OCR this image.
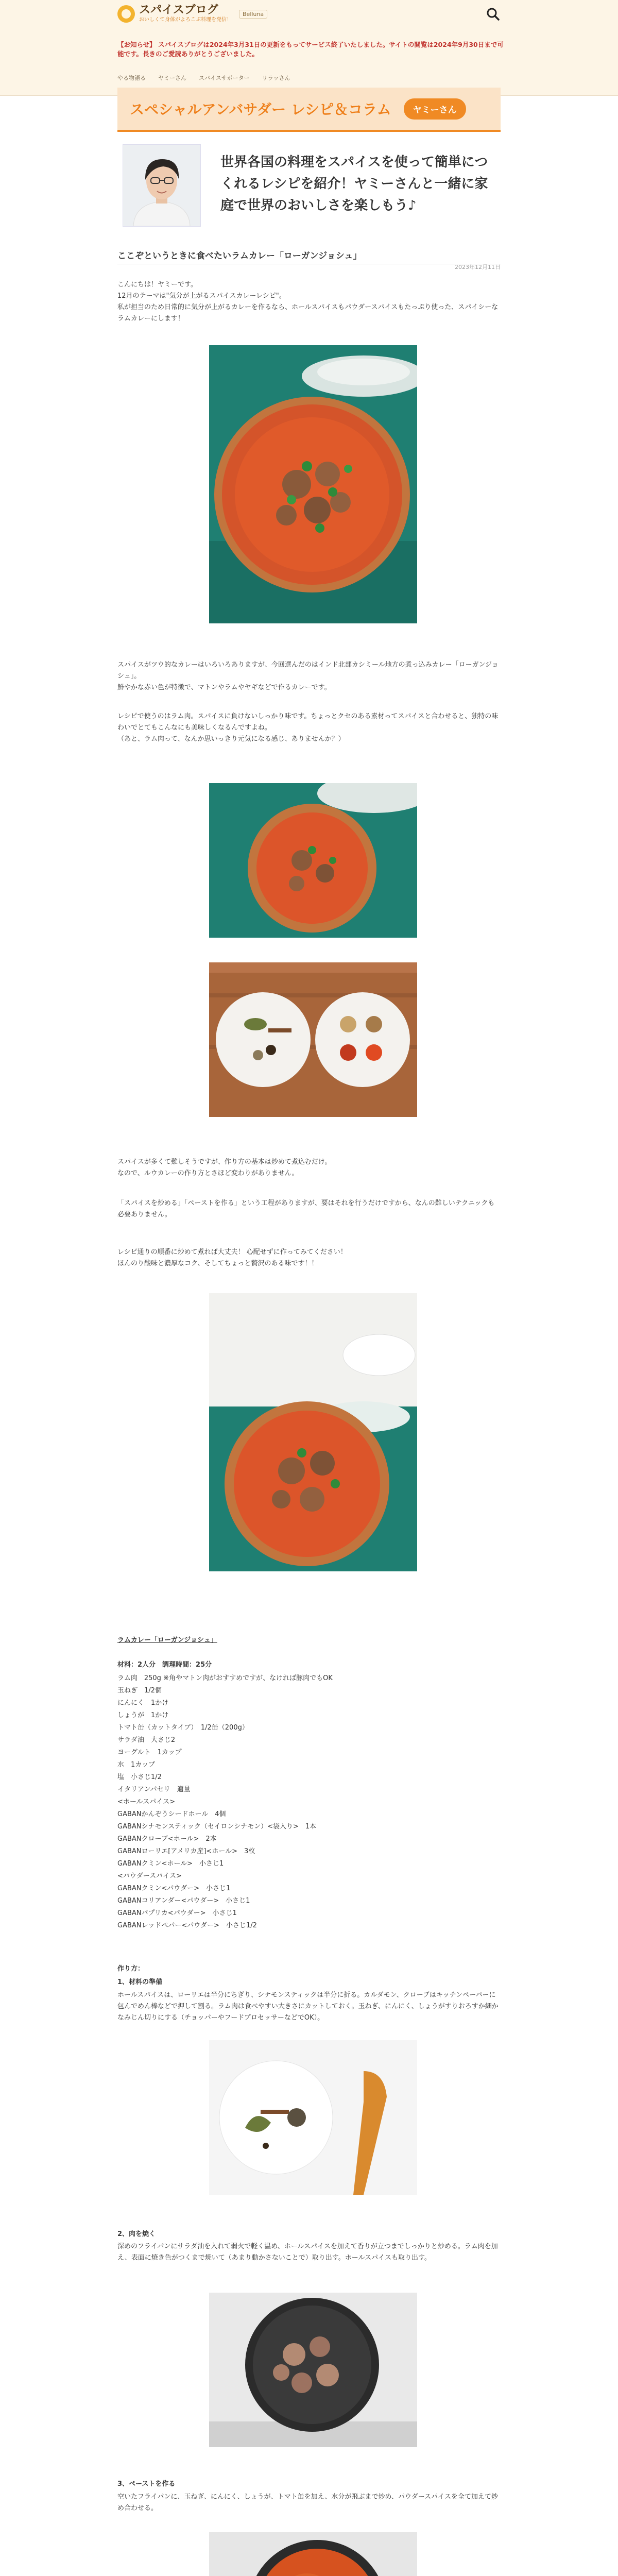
スパイスブログ
おいしくて身体がよろこぶ料理を発信！
Belluna
【お知らせ】 スパイスブログは2024年3月31日の更新をもってサービス終了いたしました。サイトの閲覧は2024年9月30日まで可能です。長きのご愛読ありがとうございました。
やる物語る ヤミーさん スパイスサポーター リラッさん
スペシャルアンバサダー レシピ＆コラム	ヤミーさん
世界各国の料理をスパイスを使って簡単につくれるレシピを紹介！ヤミーさんと一緒に家庭で世界のおいしさを楽しもう♪
ここぞというときに食べたいラムカレー「ローガンジョシュ」
2023年12月11日
こんにちは！ヤミーです。
12月のテーマは"気分が上がるスパイスカレーレシピ"。
私が担当のため日常的に気分が上がるカレーを作るなら、ホールスパイスもパウダースパイスもたっぷり使った、スパイシーなラムカレーにします！
スパイスがツウ的なカレーはいろいろありますが、今回選んだのはインド北部カシミール地方の煮っ込みカレー「ローガンジョシュ」。
鮮やかな赤い色が特徴で、マトンやラムやヤギなどで作るカレーです。
レシピで使うのはラム肉。スパイスに負けないしっかり味です。ちょっとクセのある素材ってスパイスと合わせると、独特の味わいでとてもこんなにも美味しくなるんですよね。
（あと、ラム肉って、なんか思いっきり元気になる感じ、ありませんか？）
スパイスが多くて難しそうですが、作り方の基本は炒めて煮込むだけ。
なので、ルウカレーの作り方とさほど変わりがありません。
「スパイスを炒める」「ペーストを作る」という工程がありますが、要はそれを行うだけですから、なんの難しいテクニックも必要ありません。
レシピ通りの順番に炒めて煮れば大丈夫！ 心配せずに作ってみてください！
ほんのり酸味と濃厚なコク、そしてちょっと贅沢のある味です！！
ラムカレー「ローガンジョシュ」
材料：2人分　調理時間：25分
ラム肉　250g ※角やマトン肉がおすすめですが、なければ豚肉でもOK
玉ねぎ　1/2個
にんにく　1かけ
しょうが　1かけ
トマト缶（カットタイプ）　1/2缶（200g）
サラダ油　大さじ2
ヨーグルト　1カップ
水　1カップ
塩　小さじ1/2
イタリアンパセリ　適量
<ホールスパイス>
GABANかんぞうシードホール　4個
GABANシナモンスティック（セイロンシナモン）<袋入り>　1本
GABANクローブ<ホール>　2本
GABANローリエ[アメリカ産]<ホール>　3枚
GABANクミン<ホール>　小さじ1
<パウダースパイス>
GABANクミン<パウダー>　小さじ1
GABANコリアンダー<パウダー>　小さじ1
GABANパプリカ<パウダー>　小さじ1
GABANレッドペパー<パウダー>　小さじ1/2
作り方：
1、材料の準備
ホールスパイスは、ローリエは半分にちぎり、シナモンスティックは半分に折る。カルダモン、クローブはキッチンペーパーに包んでめん棒などで押して割る。ラム肉は食べやすい大きさにカットしておく。玉ねぎ、にんにく、しょうがすりおろすか細かなみじん切りにする（チョッパーやフードプロセッサーなどでOK）。
2、肉を焼く
深めのフライパンにサラダ油を入れて弱火で軽く温め、ホールスパイスを加えて香りが立つまでしっかりと炒める。ラム肉を加え、表面に焼き色がつくまで焼いて（あまり動かさないことで）取り出す。ホールスパイスも取り出す。
3、ペーストを作る
空いたフライパンに、玉ねぎ、にんにく、しょうが、トマト缶を加え、水分が飛ぶまで炒め、パウダースパイスを全て加えて炒め合わせる。
